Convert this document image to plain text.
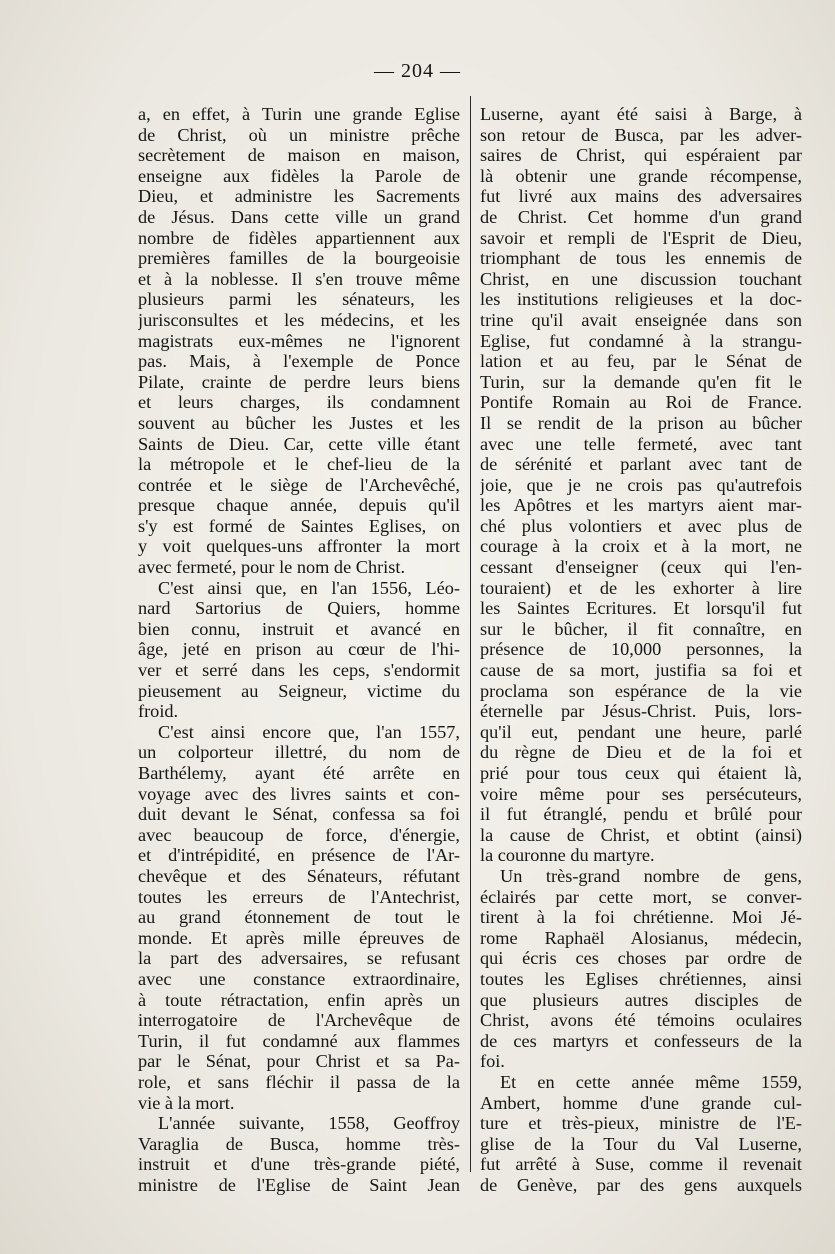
— 204 —
a, en effet, à Turin une grande Eglise
de Christ, où un ministre prêche
secrètement de maison en maison,
enseigne aux fidèles la Parole de
Dieu, et administre les Sacrements
de Jésus. Dans cette ville un grand
nombre de fidèles appartiennent aux
premières familles de la bourgeoisie
et à la noblesse. Il s'en trouve même
plusieurs parmi les sénateurs, les
jurisconsultes et les médecins, et les
magistrats eux-mêmes ne l'ignorent
pas. Mais, à l'exemple de Ponce
Pilate, crainte de perdre leurs biens
et leurs charges, ils condamnent
souvent au bûcher les Justes et les
Saints de Dieu. Car, cette ville étant
la métropole et le chef-lieu de la
contrée et le siège de l'Archevêché,
presque chaque année, depuis qu'il
s'y est formé de Saintes Eglises, on
y voit quelques-uns affronter la mort
avec fermeté, pour le nom de Christ.
C'est ainsi que, en l'an 1556, Léo-
nard Sartorius de Quiers, homme
bien connu, instruit et avancé en
âge, jeté en prison au cœur de l'hi-
ver et serré dans les ceps, s'endormit
pieusement au Seigneur, victime du
froid.
C'est ainsi encore que, l'an 1557,
un colporteur illettré, du nom de
Barthélemy, ayant été arrête en
voyage avec des livres saints et con-
duit devant le Sénat, confessa sa foi
avec beaucoup de force, d'énergie,
et d'intrépidité, en présence de l'Ar-
chevêque et des Sénateurs, réfutant
toutes les erreurs de l'Antechrist,
au grand étonnement de tout le
monde. Et après mille épreuves de
la part des adversaires, se refusant
avec une constance extraordinaire,
à toute rétractation, enfin après un
interrogatoire de l'Archevêque de
Turin, il fut condamné aux flammes
par le Sénat, pour Christ et sa Pa-
role, et sans fléchir il passa de la
vie à la mort.
L'année suivante, 1558, Geoffroy
Varaglia de Busca, homme très-
instruit et d'une très-grande piété,
ministre de l'Eglise de Saint Jean
Luserne, ayant été saisi à Barge, à
son retour de Busca, par les adver-
saires de Christ, qui espéraient par
là obtenir une grande récompense,
fut livré aux mains des adversaires
de Christ. Cet homme d'un grand
savoir et rempli de l'Esprit de Dieu,
triomphant de tous les ennemis de
Christ, en une discussion touchant
les institutions religieuses et la doc-
trine qu'il avait enseignée dans son
Eglise, fut condamné à la strangu-
lation et au feu, par le Sénat de
Turin, sur la demande qu'en fit le
Pontife Romain au Roi de France.
Il se rendit de la prison au bûcher
avec une telle fermeté, avec tant
de sérénité et parlant avec tant de
joie, que je ne crois pas qu'autrefois
les Apôtres et les martyrs aient mar-
ché plus volontiers et avec plus de
courage à la croix et à la mort, ne
cessant d'enseigner (ceux qui l'en-
touraient) et de les exhorter à lire
les Saintes Ecritures. Et lorsqu'il fut
sur le bûcher, il fit connaître, en
présence de 10,000 personnes, la
cause de sa mort, justifia sa foi et
proclama son espérance de la vie
éternelle par Jésus-Christ. Puis, lors-
qu'il eut, pendant une heure, parlé
du règne de Dieu et de la foi et
prié pour tous ceux qui étaient là,
voire même pour ses persécuteurs,
il fut étranglé, pendu et brûlé pour
la cause de Christ, et obtint (ainsi)
la couronne du martyre.
Un très-grand nombre de gens,
éclairés par cette mort, se conver-
tirent à la foi chrétienne. Moi Jé-
rome Raphaël Alosianus, médecin,
qui écris ces choses par ordre de
toutes les Eglises chrétiennes, ainsi
que plusieurs autres disciples de
Christ, avons été témoins oculaires
de ces martyrs et confesseurs de la
foi.
Et en cette année même 1559,
Ambert, homme d'une grande cul-
ture et très-pieux, ministre de l'E-
glise de la Tour du Val Luserne,
fut arrêté à Suse, comme il revenait
de Genève, par des gens auxquels
